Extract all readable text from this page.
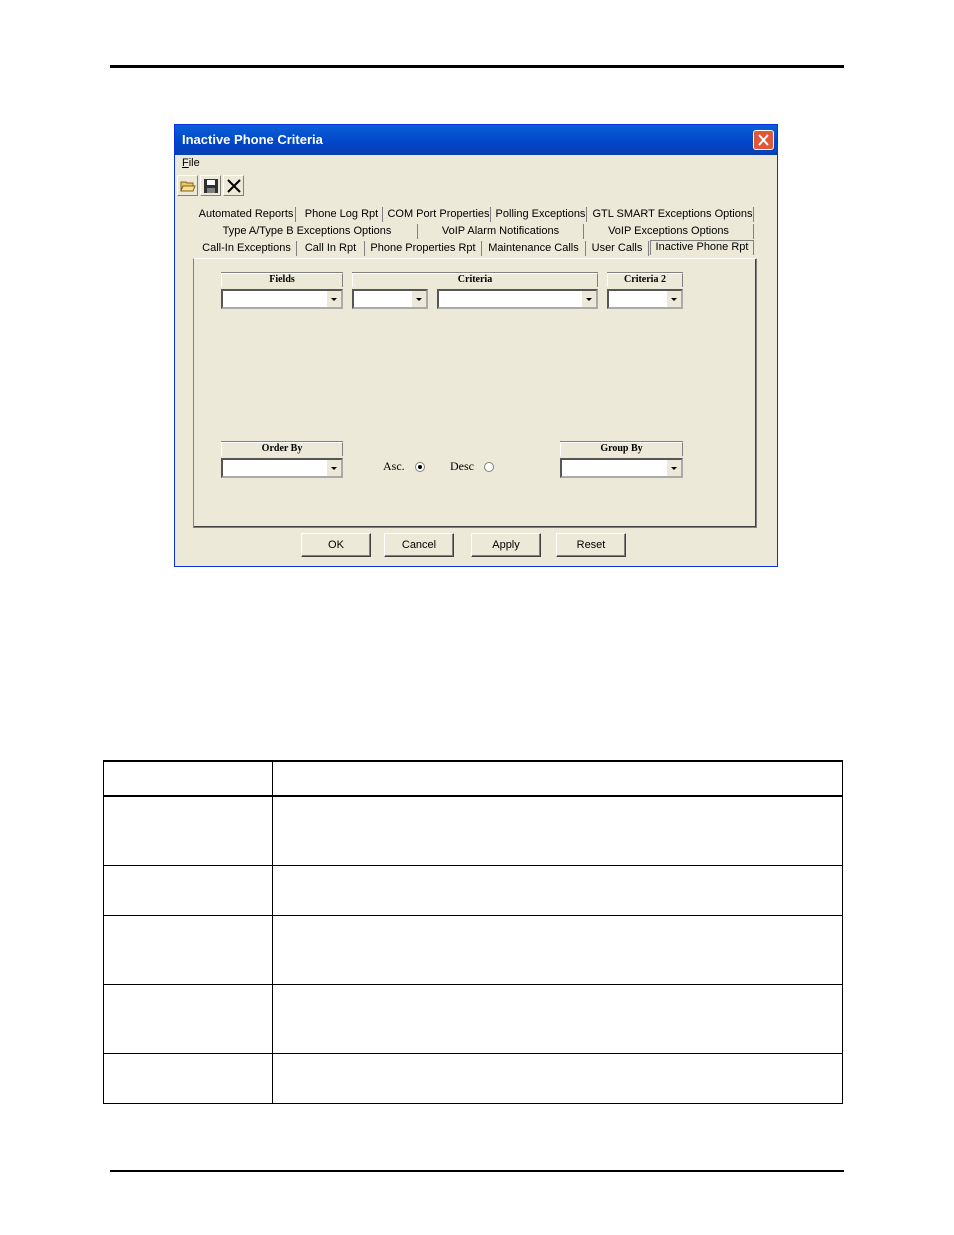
Inactive Phone Criteria
File
Automated Reports	Phone Log Rpt COM Port Properties Polling Exceptions GTL SMART Exceptions Options
Type A/Type B Exceptions Options	VoIP Alarm Notifications	VoIP Exceptions Options
Call-In Exceptions	Call In Rpt	Phone Properties Rpt	Maintenance Calls	User Calls	Inactive Phone Rpt
Fields	Criteria	Criteria 2
Order By
Asc.	Desc
Group By
OK	Cancel	Apply	Reset
